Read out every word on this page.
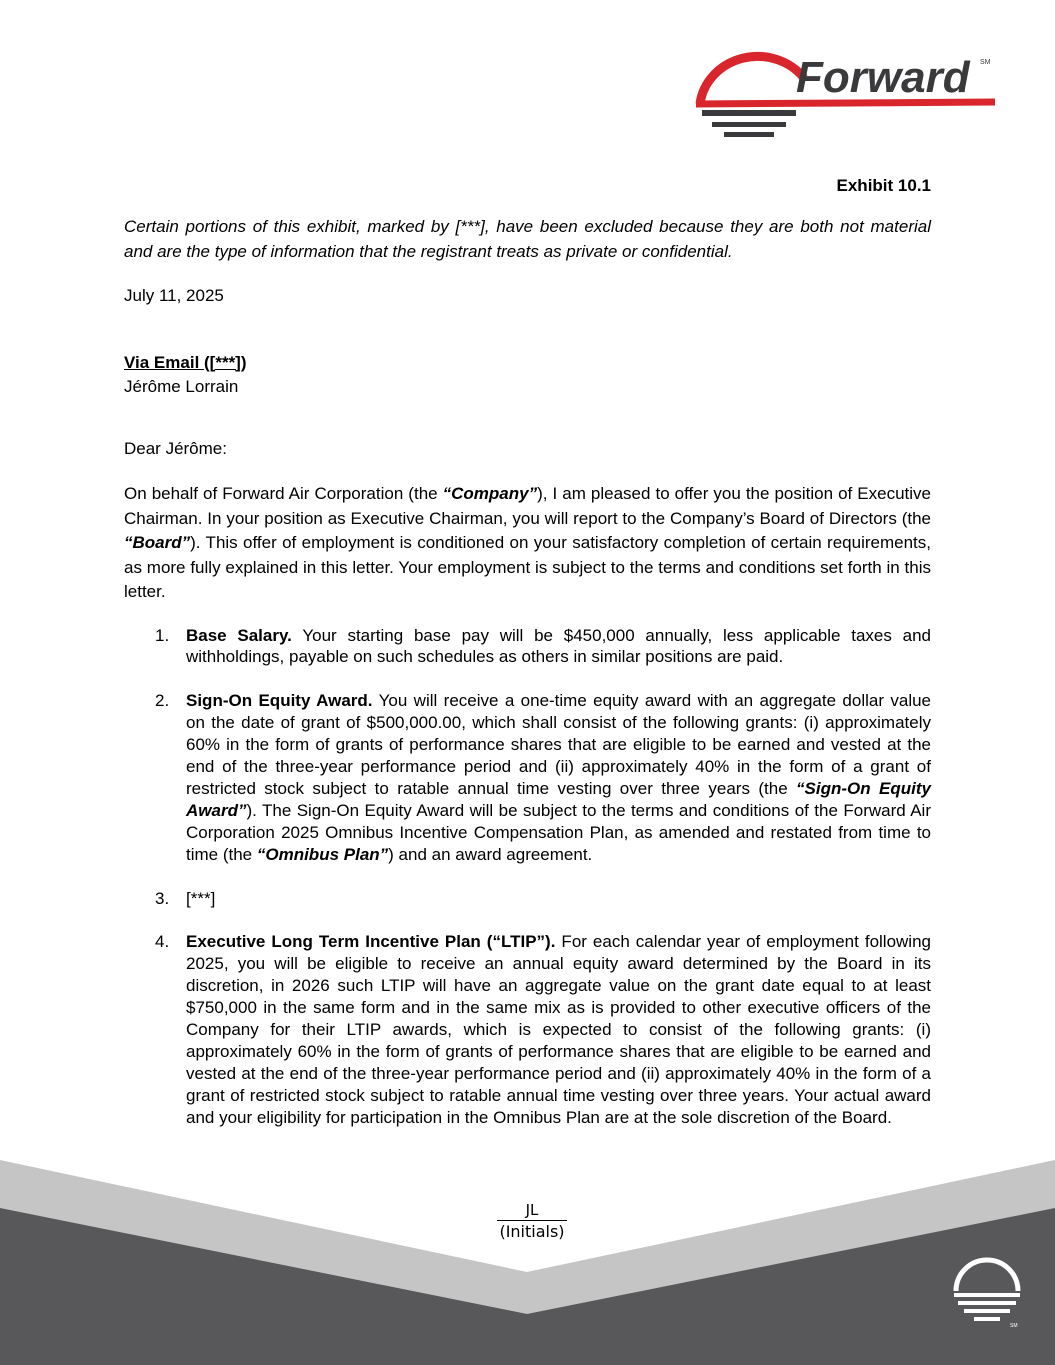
Forward SM
Exhibit 10.1

Certain portions of this exhibit, marked by [***], have been excluded because they are both not material and are the type of information that the registrant treats as private or confidential.

July 11, 2025

Via Email ([***])

Jérôme Lorrain

Dear Jérôme:

On behalf of Forward Air Corporation (the “Company”), I am pleased to offer you the position of Executive Chairman. In your position as Executive Chairman, you will report to the Company’s Board of Directors (the “Board”). This offer of employment is conditioned on your satisfactory completion of certain requirements, as more fully explained in this letter. Your employment is subject to the terms and conditions set forth in this letter.

1. Base Salary. Your starting base pay will be $450,000 annually, less applicable taxes and withholdings, payable on such schedules as others in similar positions are paid.
2. Sign-On Equity Award. You will receive a one-time equity award with an aggregate dollar value on the date of grant of $500,000.00, which shall consist of the following grants: (i) approximately 60% in the form of grants of performance shares that are eligible to be earned and vested at the end of the three-year performance period and (ii) approximately 40% in the form of a grant of restricted stock subject to ratable annual time vesting over three years (the “Sign-On Equity Award”). The Sign-On Equity Award will be subject to the terms and conditions of the Forward Air Corporation 2025 Omnibus Incentive Compensation Plan, as amended and restated from time to time (the “Omnibus Plan”) and an award agreement.
3. [***]
4. Executive Long Term Incentive Plan (“LTIP”). For each calendar year of employment following 2025, you will be eligible to receive an annual equity award determined by the Board in its discretion, in 2026 such LTIP will have an aggregate value on the grant date equal to at least $750,000 in the same form and in the same mix as is provided to other executive officers of the Company for their LTIP awards, which is expected to consist of the following grants: (i) approximately 60% in the form of grants of performance shares that are eligible to be earned and vested at the end of the three-year performance period and (ii) approximately 40% in the form of a grant of restricted stock subject to ratable annual time vesting over three years. Your actual award and your eligibility for participation in the Omnibus Plan are at the sole discretion of the Board.
JL
(Initials)
SM
